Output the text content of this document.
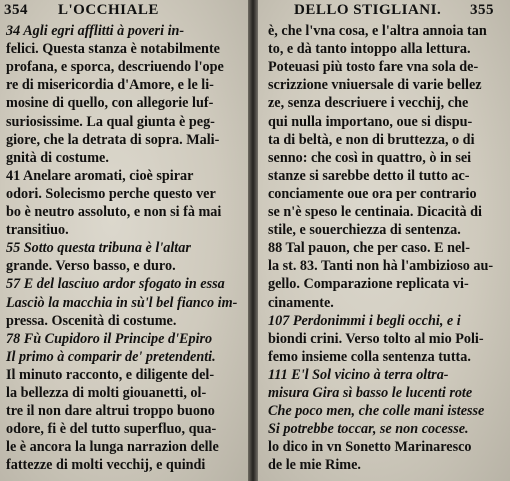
354 L'OCCHIALE
34 Agli egri afflitti à poveri in-
felici. Questa stanza è notabilmente
profana, e sporca, descriuendo l'ope
re di misericordia d'Amore, e le li-
mosine di quello, con allegorie luf-
suriosissime. La qual giunta è peg-
giore, che la detrata di sopra. Mali-
gnità di costume.
41 Anelare aromati, cioè spirar
odori. Solecismo perche questo ver
bo è neutro assoluto, e non si fà mai
transitiuo.
55 Sotto questa tribuna è l'altar
grande. Verso basso, e duro.
57 E del lasciuo ardor sfogato in essa
Lasciò la macchia in sù'l bel fianco im-
pressa. Oscenità di costume.
78 Fù Cupidoro il Principe d'Epiro
Il primo à comparir de' pretendenti.
Il minuto racconto, e diligente del-
la bellezza di molti giouanetti, ol-
tre il non dare altrui troppo buono
odore, fi è del tutto superfluo, qua-
le è ancora la lunga narrazion delle
fattezze di molti vecchij, e quindi
DELLO STIGLIANI. 355
è, che l'vna cosa, e l'altra annoia tan
to, e dà tanto intoppo alla lettura.
Poteuasi più tosto fare vna sola de-
scrizzione vniuersale di varie bellez
ze, senza descriuere i vecchij, che
qui nulla importano, oue si dispu-
ta di beltà, e non di bruttezza, o di
senno: che così in quattro, ò in sei
stanze si sarebbe detto il tutto ac-
conciamente oue ora per contrario
se n'è speso le centinaia. Dicacità di
stile, e souerchiezza di sentenza.
88 Tal pauon, che per caso. E nel-
la st. 83. Tanti non hà l'ambizioso au-
gello. Comparazione replicata vi-
cinamente.
107 Perdonimmi i begli occhi, e i
biondi crini. Verso tolto al mio Poli-
femo insieme colla sentenza tutta.
111 E'l Sol vicino à terra oltra-
misura Gira sì basso le lucenti rote
Che poco men, che colle mani istesse
Si potrebbe toccar, se non cocesse.
lo dico in vn Sonetto Marinaresco
de le mie Rime.
